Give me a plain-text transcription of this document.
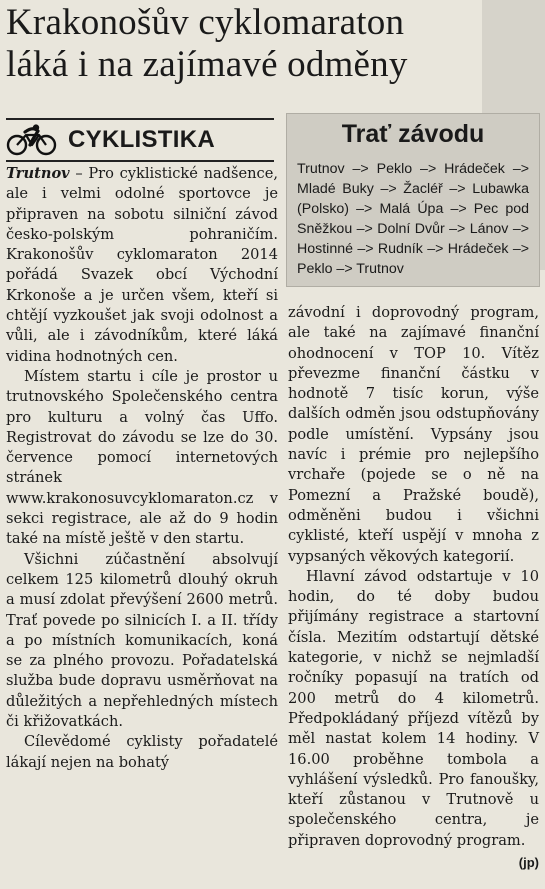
Krakonošův cyklomaraton
láká i na zajímavé odměny
CYKLISTIKA	Trať závodu
Trutnov –> Peklo –> Hrádeček –> Mladé Buky –> Žacléř –> Lubawka (Polsko) –> Malá Úpa –> Pec pod Sněžkou –> Dolní Dvůr –> Lánov –> Hostinné –> Rudník –> Hrádeček –> Peklo –> Trutnov

Trutnov – Pro cyklistické nadšence, ale i velmi odolné sportovce je připraven na sobotu silniční závod česko-polským pohraničím. Krakonošův cyklomaraton 2014 pořádá Svazek obcí Východní Krkonoše a je určen všem, kteří si chtějí vyzkoušet jak svoji odolnost a vůli, ale i závodníkům, které láká vidina hodnotných cen.

Místem startu i cíle je prostor u trutnovského Společenského centra pro kulturu a volný čas Uffo. Registrovat do závodu se lze do 30. července pomocí internetových stránek www.krakonosuvcyklomaraton.cz v sekci registrace, ale až do 9 hodin také na místě ještě v den startu.

Všichni zúčastnění absolvují celkem 125 kilometrů dlouhý okruh a musí zdolat převýšení 2600 metrů. Trať povede po silnicích I. a II. třídy a po místních komunikacích, koná se za plného provozu. Pořadatelská služba bude dopravu usměrňovat na důležitých a nepřehledných místech či křižovatkách.

Cílevědomé cyklisty pořadatelé lákají nejen na bohatý

závodní i doprovodný program, ale také na zajímavé finanční ohodnocení v TOP 10. Vítěz převezme finanční částku v hodnotě 7 tisíc korun, výše dalších odměn jsou odstupňovány podle umístění. Vypsány jsou navíc i prémie pro nejlepšího vrchaře (pojede se o ně na Pomezní a Pražské boudě), odměněni budou i všichni cyklisté, kteří uspějí v mnoha z vypsaných věkových kategorií.

Hlavní závod odstartuje v 10 hodin, do té doby budou přijímány registrace a startovní čísla. Mezitím odstartují dětské kategorie, v nichž se nejmladší ročníky popasují na tratích od 200 metrů do 4 kilometrů. Předpokládaný příjezd vítězů by měl nastat kolem 14 hodiny. V 16.00 proběhne tombola a vyhlášení výsledků. Pro fanoušky, kteří zůstanou v Trutnově u společenského centra, je připraven doprovodný program.
(jp)
